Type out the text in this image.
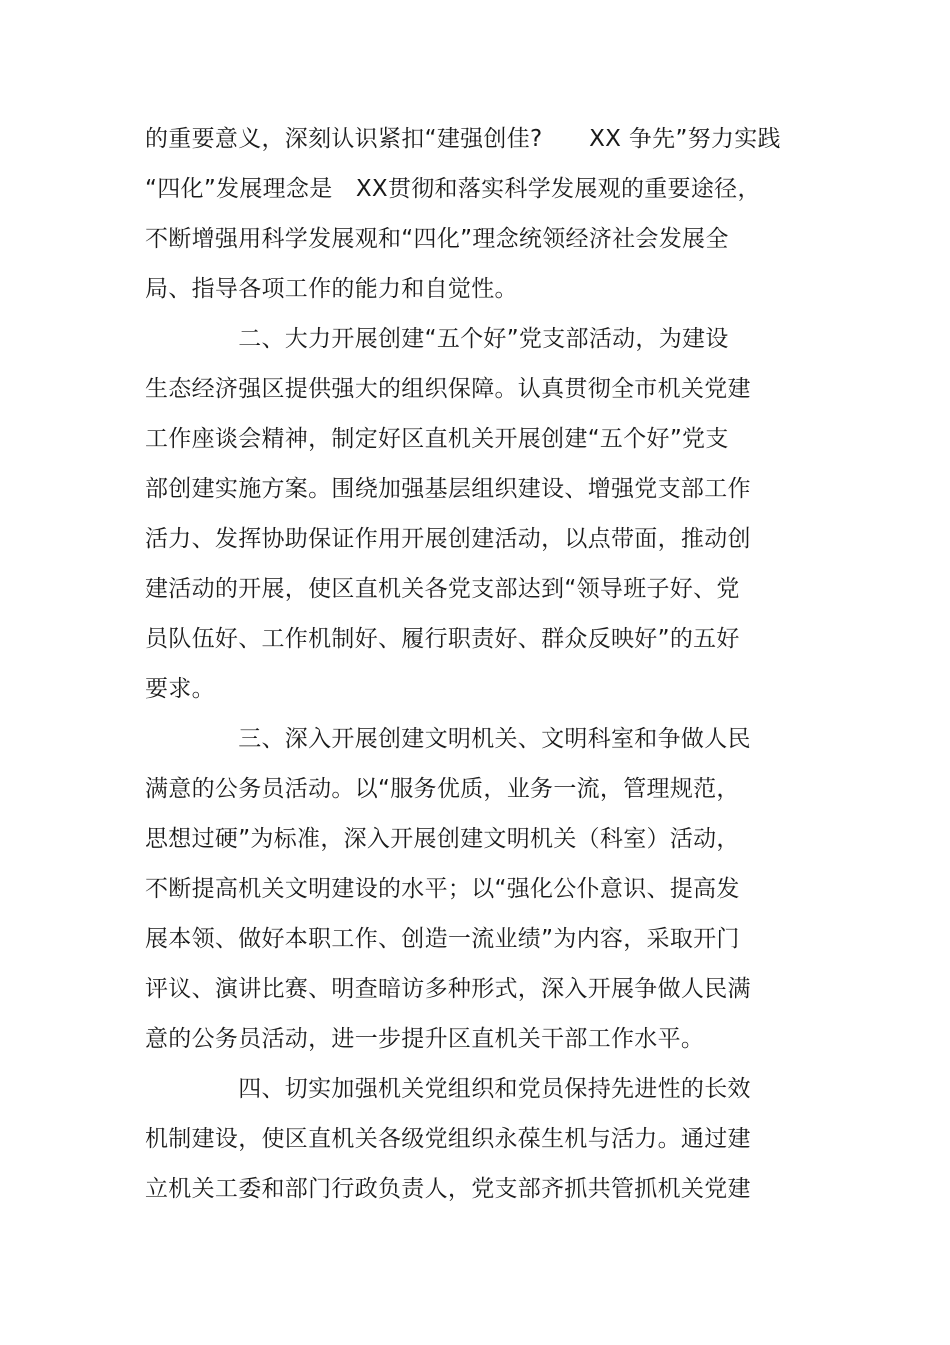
的重要意义，深刻认识紧扣“建强创佳?　　XX 争先”努力实践
“四化”发展理念是　XX贯彻和落实科学发展观的重要途径，
不断增强用科学发展观和“四化”理念统领经济社会发展全
局、指导各项工作的能力和自觉性。
　　　　二、大力开展创建“五个好”党支部活动，为建设
生态经济强区提供强大的组织保障。认真贯彻全市机关党建
工作座谈会精神，制定好区直机关开展创建“五个好”党支
部创建实施方案。围绕加强基层组织建设、增强党支部工作
活力、发挥协助保证作用开展创建活动，以点带面，推动创
建活动的开展，使区直机关各党支部达到“领导班子好、党
员队伍好、工作机制好、履行职责好、群众反映好”的五好
要求。
　　　　三、深入开展创建文明机关、文明科室和争做人民
满意的公务员活动。以“服务优质，业务一流，管理规范，
思想过硬”为标准，深入开展创建文明机关（科室）活动，
不断提高机关文明建设的水平；以“强化公仆意识、提高发
展本领、做好本职工作、创造一流业绩”为内容，采取开门
评议、演讲比赛、明查暗访多种形式，深入开展争做人民满
意的公务员活动，进一步提升区直机关干部工作水平。
　　　　四、切实加强机关党组织和党员保持先进性的长效
机制建设，使区直机关各级党组织永葆生机与活力。通过建
立机关工委和部门行政负责人，党支部齐抓共管抓机关党建
